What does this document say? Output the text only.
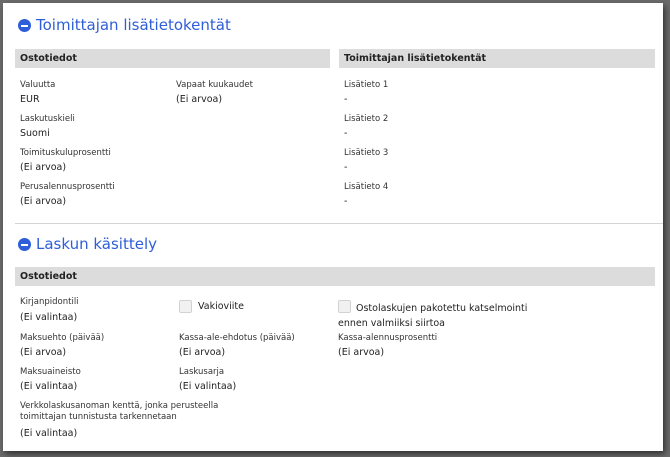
Toimittajan lisätietokentät
Ostotiedot	Toimittajan lisätietokentät
Valuutta
EUR
Vapaat kuukaudet
(Ei arvoa)
Laskutuskieli
Suomi
Toimituskuluprosentti
(Ei arvoa)
Perusalennusprosentti
(Ei arvoa)
Lisätieto 1
-
Lisätieto 2
-
Lisätieto 3
-
Lisätieto 4
-
Laskun käsittely
Ostotiedot
Kirjanpidontili
(Ei valintaa)
Vakioviite	Ostolaskujen pakotettu katselmointi ennen valmiiksi siirtoa
Maksuehto (päivää)
(Ei arvoa)
Kassa-ale-ehdotus (päivää)
(Ei arvoa)
Kassa-alennusprosentti
(Ei arvoa)
Maksuaineisto
(Ei valintaa)
Laskusarja
(Ei valintaa)
Verkkolaskusanoman kenttä, jonka perusteella toimittajan tunnistusta tarkennetaan
(Ei valintaa)
